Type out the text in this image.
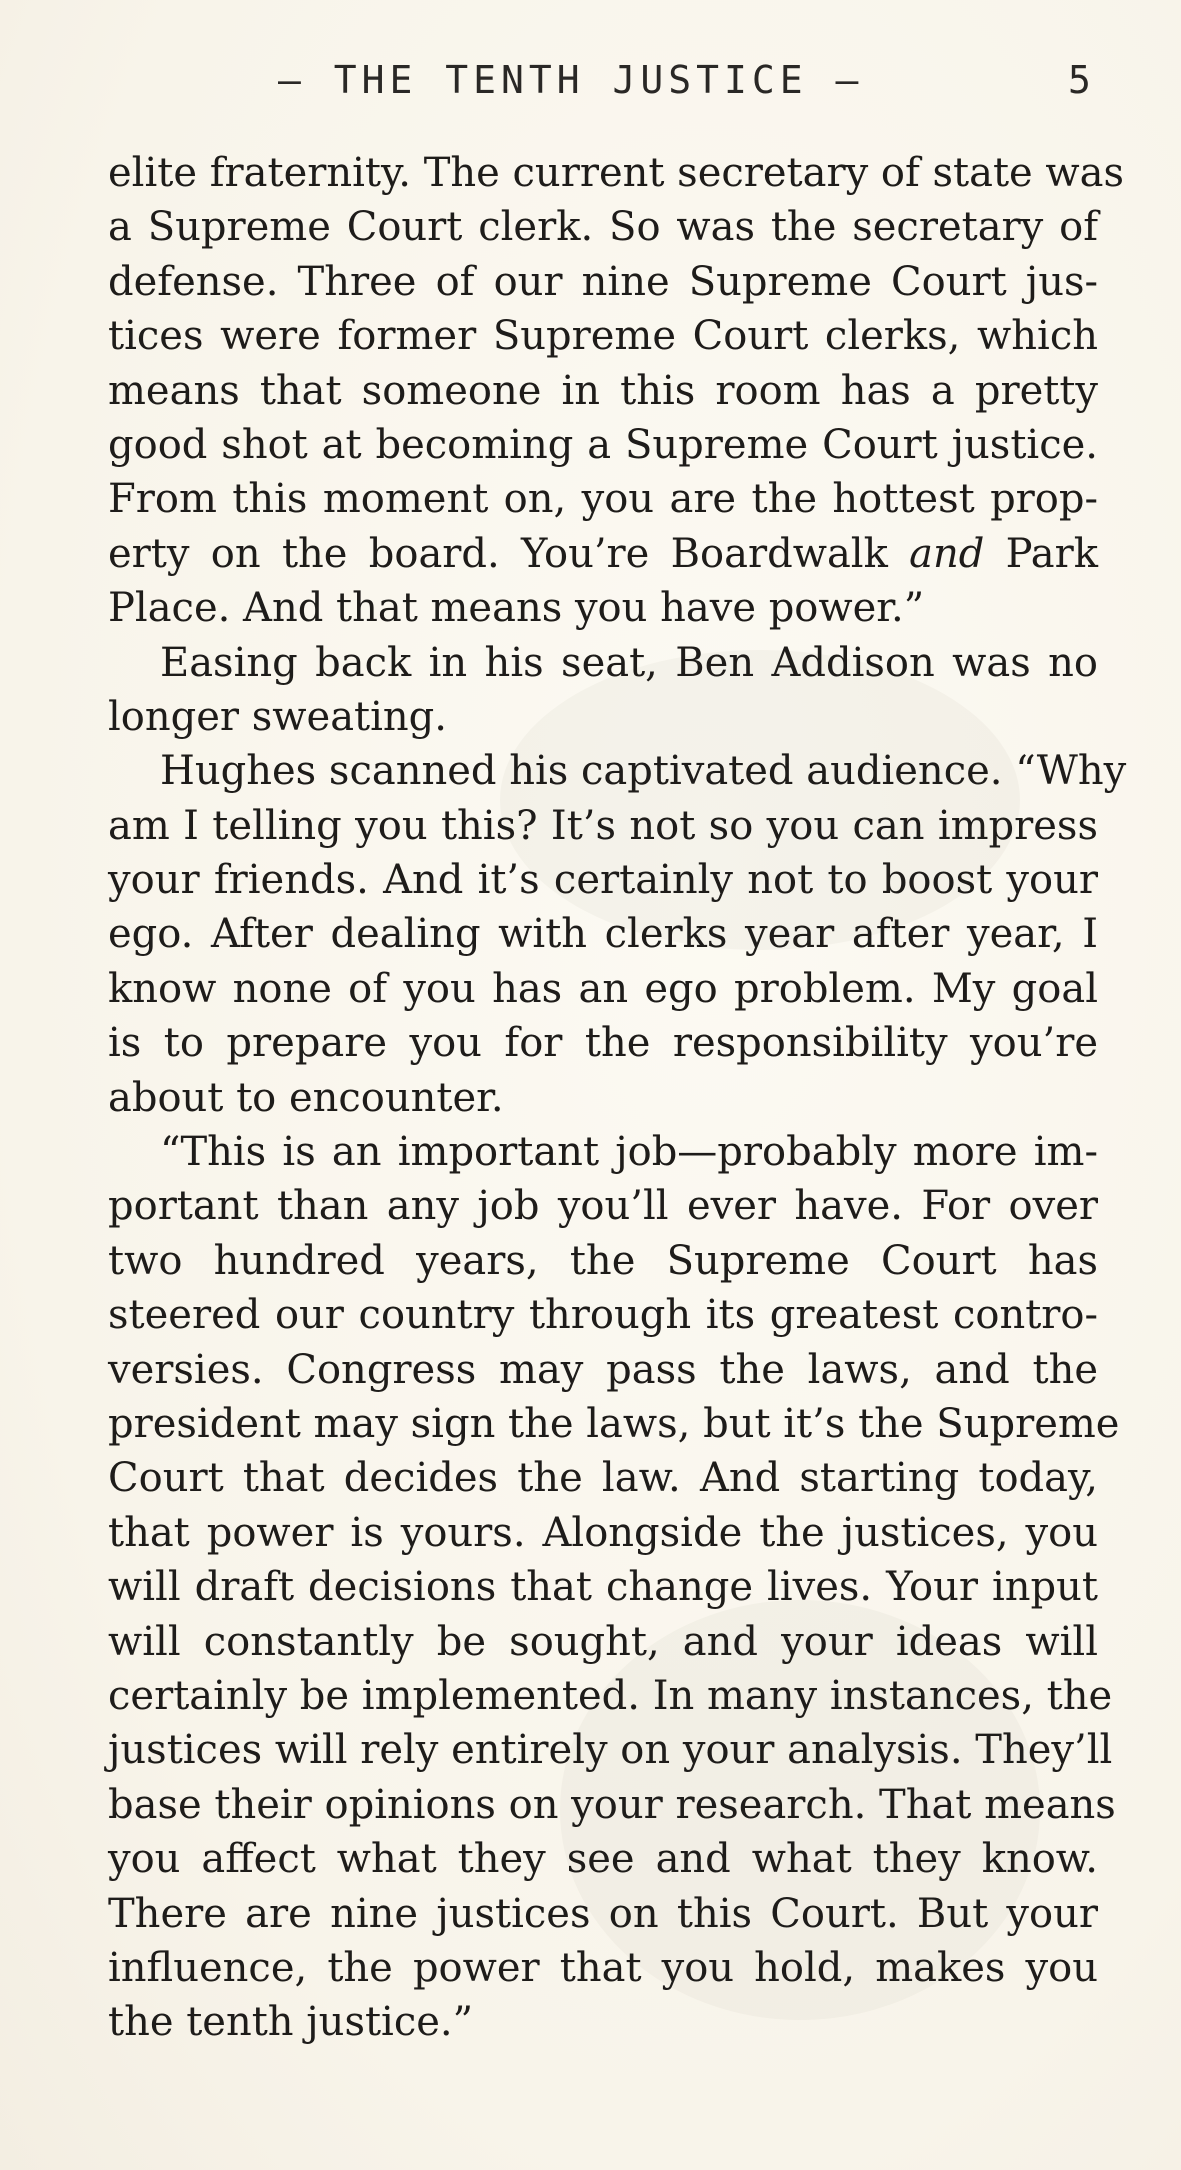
– THE TENTH JUSTICE –	5
elite fraternity. The current secretary of state was
a Supreme Court clerk. So was the secretary of
defense. Three of our nine Supreme Court jus-
tices were former Supreme Court clerks, which
means that someone in this room has a pretty
good shot at becoming a Supreme Court justice.
From this moment on, you are the hottest prop-
erty on the board. You’re Boardwalk and Park
Place. And that means you have power.”
Easing back in his seat, Ben Addison was no
longer sweating.
Hughes scanned his captivated audience. “Why
am I telling you this? It’s not so you can impress
your friends. And it’s certainly not to boost your
ego. After dealing with clerks year after year, I
know none of you has an ego problem. My goal
is to prepare you for the responsibility you’re
about to encounter.
“This is an important job—probably more im-
portant than any job you’ll ever have. For over
two hundred years, the Supreme Court has
steered our country through its greatest contro-
versies. Congress may pass the laws, and the
president may sign the laws, but it’s the Supreme
Court that decides the law. And starting today,
that power is yours. Alongside the justices, you
will draft decisions that change lives. Your input
will constantly be sought, and your ideas will
certainly be implemented. In many instances, the
justices will rely entirely on your analysis. They’ll
base their opinions on your research. That means
you affect what they see and what they know.
There are nine justices on this Court. But your
influence, the power that you hold, makes you
the tenth justice.”
